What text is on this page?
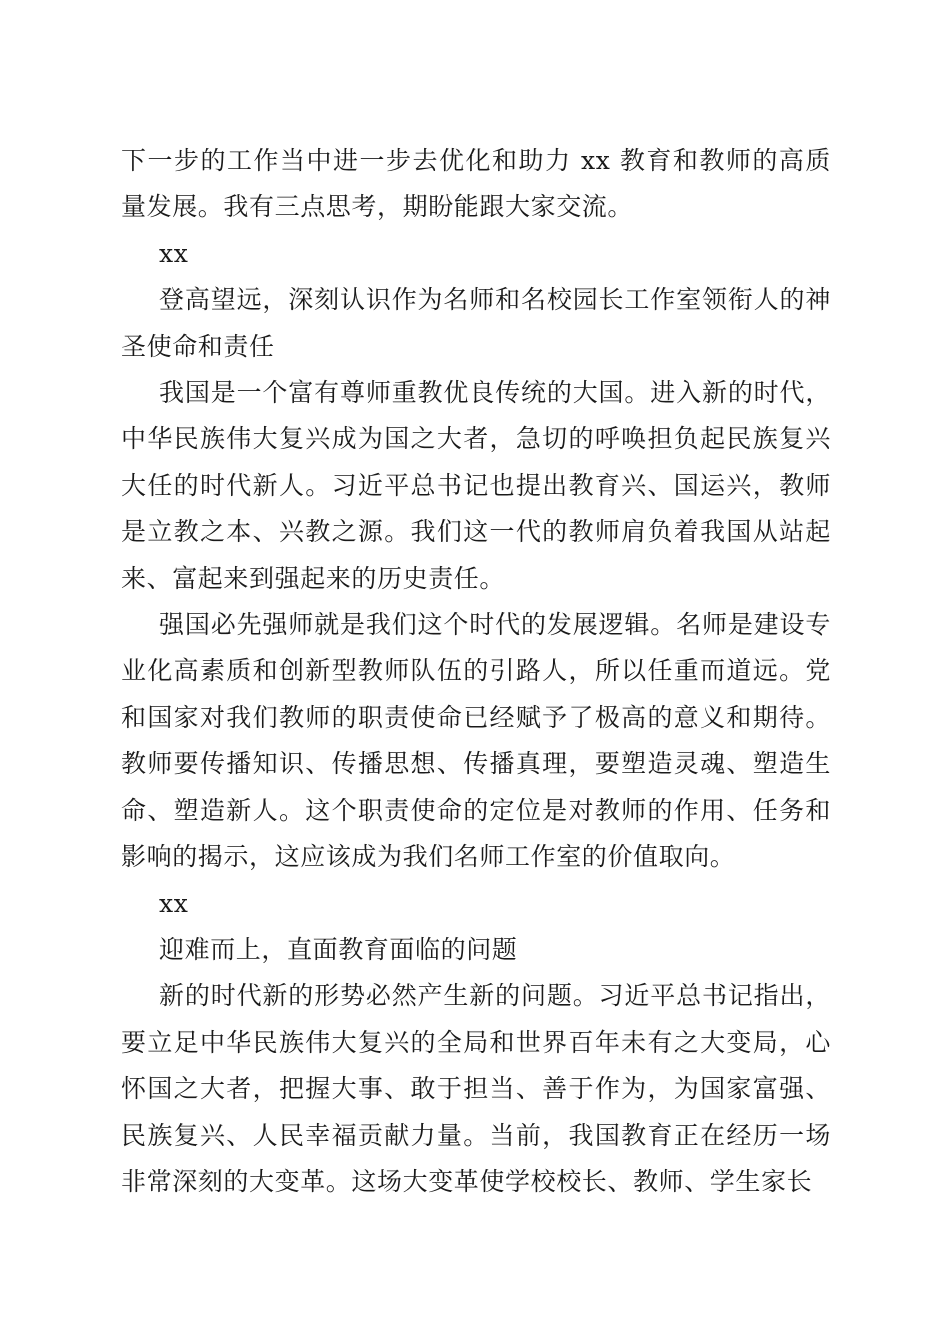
下一步的工作当中进一步去优化和助力 xx 教育和教师的高质量发展。我有三点思考，期盼能跟大家交流。

xx

登高望远，深刻认识作为名师和名校园长工作室领衔人的神圣使命和责任

我国是一个富有尊师重教优良传统的大国。进入新的时代，中华民族伟大复兴成为国之大者，急切的呼唤担负起民族复兴大任的时代新人。习近平总书记也提出教育兴、国运兴，教师是立教之本、兴教之源。我们这一代的教师肩负着我国从站起来、富起来到强起来的历史责任。

强国必先强师就是我们这个时代的发展逻辑。名师是建设专业化高素质和创新型教师队伍的引路人，所以任重而道远。党和国家对我们教师的职责使命已经赋予了极高的意义和期待。教师要传播知识、传播思想、传播真理，要塑造灵魂、塑造生命、塑造新人。这个职责使命的定位是对教师的作用、任务和影响的揭示，这应该成为我们名师工作室的价值取向。

xx

迎难而上，直面教育面临的问题

新的时代新的形势必然产生新的问题。习近平总书记指出，要立足中华民族伟大复兴的全局和世界百年未有之大变局，心怀国之大者，把握大事、敢于担当、善于作为，为国家富强、民族复兴、人民幸福贡献力量。当前，我国教育正在经历一场非常深刻的大变革。这场大变革使学校校长、教师、学生家长
